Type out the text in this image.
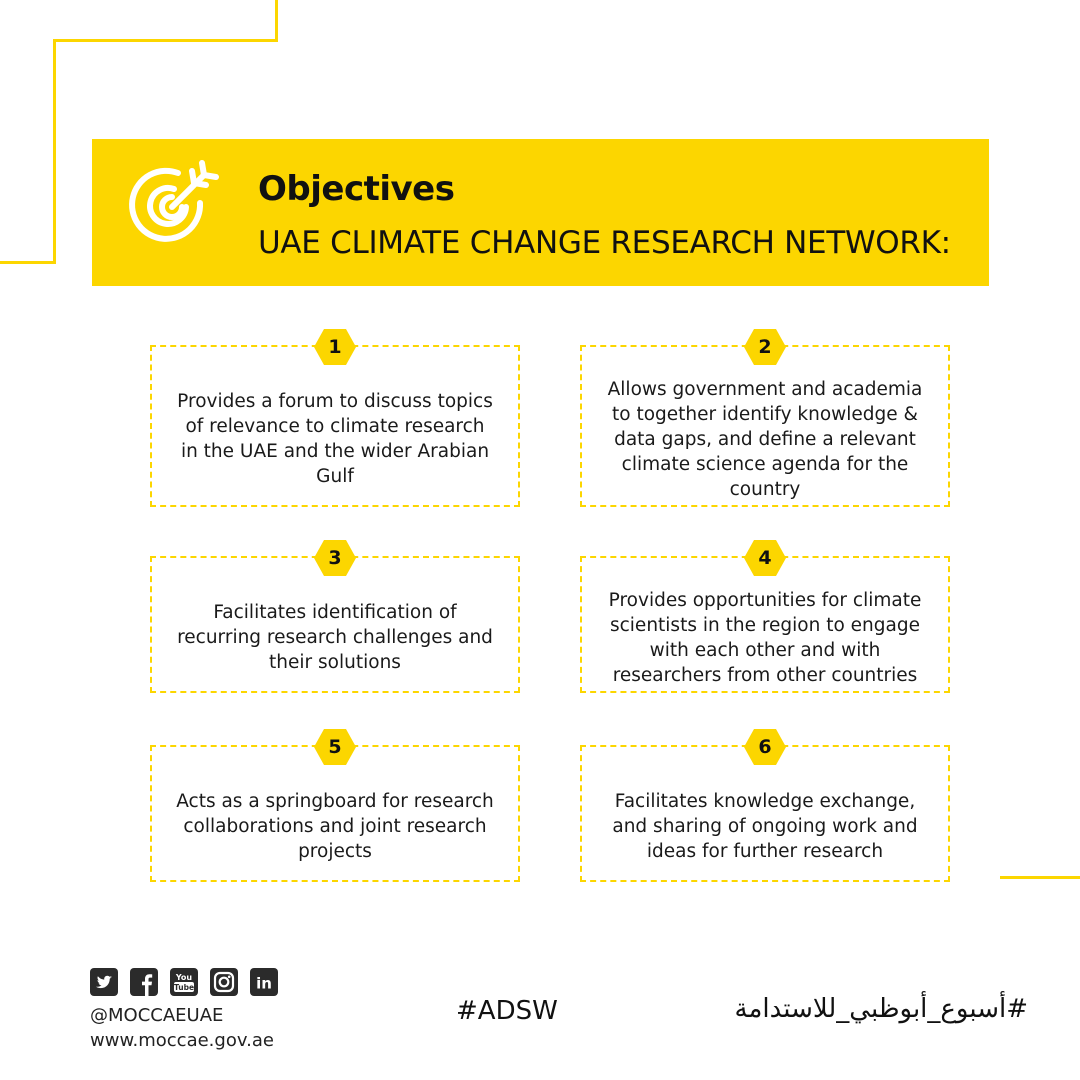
Objectives
UAE CLIMATE CHANGE RESEARCH NETWORK:
1
Provides a forum to discuss topics of relevance to climate research in the UAE and the wider Arabian Gulf
2
Allows government and academia to together identify knowledge & data gaps, and define a relevant climate science agenda for the country
3
Facilitates identification of recurring research challenges and their solutions
4
Provides opportunities for climate scientists in the region to engage with each other and with researchers from other countries
5
Acts as a springboard for research collaborations and joint research projects
6
Facilitates knowledge exchange, and sharing of ongoing work and ideas for further research
You
Tube	in
@MOCCAEUAE
www.moccae.gov.ae
#ADSW	#أسبوع_أبوظبي_للاستدامة
